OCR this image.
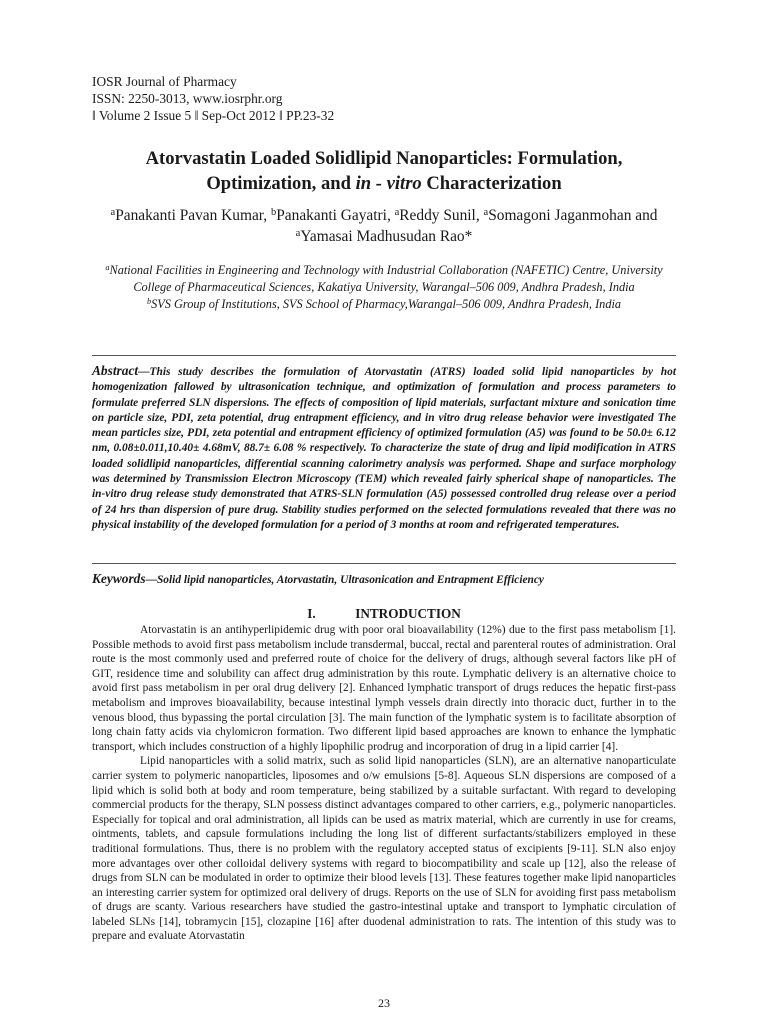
IOSR Journal of Pharmacy
ISSN: 2250-3013, www.iosrphr.org
ǁ Volume 2 Issue 5 ǁ Sep-Oct 2012 ǁ PP.23-32
Atorvastatin Loaded Solidlipid Nanoparticles: Formulation,
Optimization, and in - vitro Characterization
$^a$Panakanti Pavan Kumar, $^b$Panakanti Gayatri, $^a$Reddy Sunil, $^a$Somagoni Jaganmohan and $^a$Yamasai Madhusudan Rao*
$^a$National Facilities in Engineering and Technology with Industrial Collaboration (NAFETIC) Centre, University College of Pharmaceutical Sciences, Kakatiya University, Warangal–506 009, Andhra Pradesh, India
$^b$SVS Group of Institutions, SVS School of Pharmacy,Warangal–506 009, Andhra Pradesh, India
Abstract—This study describes the formulation of Atorvastatin (ATRS) loaded solid lipid nanoparticles by hot homogenization fallowed by ultrasonication technique, and optimization of formulation and process parameters to formulate preferred SLN dispersions. The effects of composition of lipid materials, surfactant mixture and sonication time on particle size, PDI, zeta potential, drug entrapment efficiency, and in vitro drug release behavior were investigated The mean particles size, PDI, zeta potential and entrapment efficiency of optimized formulation (A5) was found to be 50.0± 6.12 nm, 0.08±0.011,10.40± 4.68mV, 88.7± 6.08 % respectively. To characterize the state of drug and lipid modification in ATRS loaded solidlipid nanoparticles, differential scanning calorimetry analysis was performed. Shape and surface morphology was determined by Transmission Electron Microscopy (TEM) which revealed fairly spherical shape of nanoparticles. The in-vitro drug release study demonstrated that ATRS-SLN formulation (A5) possessed controlled drug release over a period of 24 hrs than dispersion of pure drug. Stability studies performed on the selected formulations revealed that there was no physical instability of the developed formulation for a period of 3 months at room and refrigerated temperatures.
Keywords—Solid lipid nanoparticles, Atorvastatin, Ultrasonication and Entrapment Efficiency
I.	INTRODUCTION

Atorvastatin is an antihyperlipidemic drug with poor oral bioavailability (12%) due to the first pass metabolism [1]. Possible methods to avoid first pass metabolism include transdermal, buccal, rectal and parenteral routes of administration. Oral route is the most commonly used and preferred route of choice for the delivery of drugs, although several factors like pH of GIT, residence time and solubility can affect drug administration by this route. Lymphatic delivery is an alternative choice to avoid first pass metabolism in per oral drug delivery [2]. Enhanced lymphatic transport of drugs reduces the hepatic first-pass metabolism and improves bioavailability, because intestinal lymph vessels drain directly into thoracic duct, further in to the venous blood, thus bypassing the portal circulation [3]. The main function of the lymphatic system is to facilitate absorption of long chain fatty acids via chylomicron formation. Two different lipid based approaches are known to enhance the lymphatic transport, which includes construction of a highly lipophilic prodrug and incorporation of drug in a lipid carrier [4].

Lipid nanoparticles with a solid matrix, such as solid lipid nanoparticles (SLN), are an alternative nanoparticulate carrier system to polymeric nanoparticles, liposomes and o/w emulsions [5-8]. Aqueous SLN dispersions are composed of a lipid which is solid both at body and room temperature, being stabilized by a suitable surfactant. With regard to developing commercial products for the therapy, SLN possess distinct advantages compared to other carriers, e.g., polymeric nanoparticles. Especially for topical and oral administration, all lipids can be used as matrix material, which are currently in use for creams, ointments, tablets, and capsule formulations including the long list of different surfactants/stabilizers employed in these traditional formulations. Thus, there is no problem with the regulatory accepted status of excipients [9-11]. SLN also enjoy more advantages over other colloidal delivery systems with regard to biocompatibility and scale up [12], also the release of drugs from SLN can be modulated in order to optimize their blood levels [13]. These features together make lipid nanoparticles an interesting carrier system for optimized oral delivery of drugs. Reports on the use of SLN for avoiding first pass metabolism of drugs are scanty. Various researchers have studied the gastro-intestinal uptake and transport to lymphatic circulation of labeled SLNs [14], tobramycin [15], clozapine [16] after duodenal administration to rats. The intention of this study was to prepare and evaluate Atorvastatin

23
